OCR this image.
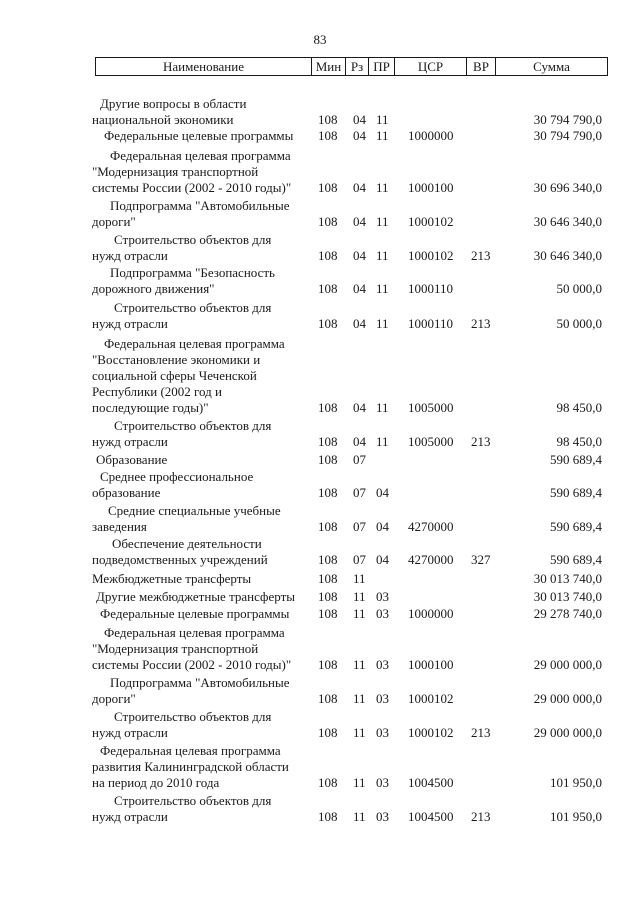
83
Наименование	Мин Рз ПР	ЦСР	ВР	Сумма
Другие вопросы в области
национальной экономики	108 04 11	30 794 790,0
Федеральные целевые программы	108 04 11 1000000	30 794 790,0
Федеральная целевая программа
"Модернизация транспортной
системы России (2002 - 2010 годы)"	108 04 11 1000100	30 696 340,0
Подпрограмма "Автомобильные
дороги"	108 04 11 1000102	30 646 340,0
Строительство объектов для
нужд отрасли	108 04 11 1000102 213	30 646 340,0
Подпрограмма "Безопасность
дорожного движения"	108 04 11 1000110	50 000,0
Строительство объектов для
нужд отрасли	108 04 11 1000110 213	50 000,0
Федеральная целевая программа
"Восстановление экономики и
социальной сферы Чеченской
Республики (2002 год и
последующие годы)"	108 04 11 1005000	98 450,0
Строительство объектов для
нужд отрасли	108 04 11 1005000 213	98 450,0
Образование	108 07	590 689,4
Среднее профессиональное
образование	108 07 04	590 689,4
Средние специальные учебные
заведения	108 07 04 4270000	590 689,4
Обеспечение деятельности
подведомственных учреждений	108 07 04 4270000 327	590 689,4
Межбюджетные трансферты	108 11	30 013 740,0
Другие межбюджетные трансферты	108 11 03	30 013 740,0
Федеральные целевые программы	108 11 03 1000000	29 278 740,0
Федеральная целевая программа
"Модернизация транспортной
системы России (2002 - 2010 годы)"	108 11 03 1000100	29 000 000,0
Подпрограмма "Автомобильные
дороги"	108 11 03 1000102	29 000 000,0
Строительство объектов для
нужд отрасли	108 11 03 1000102 213	29 000 000,0
Федеральная целевая программа
развития Калининградской области
на период до 2010 года	108 11 03 1004500	101 950,0
Строительство объектов для
нужд отрасли	108 11 03 1004500 213	101 950,0
